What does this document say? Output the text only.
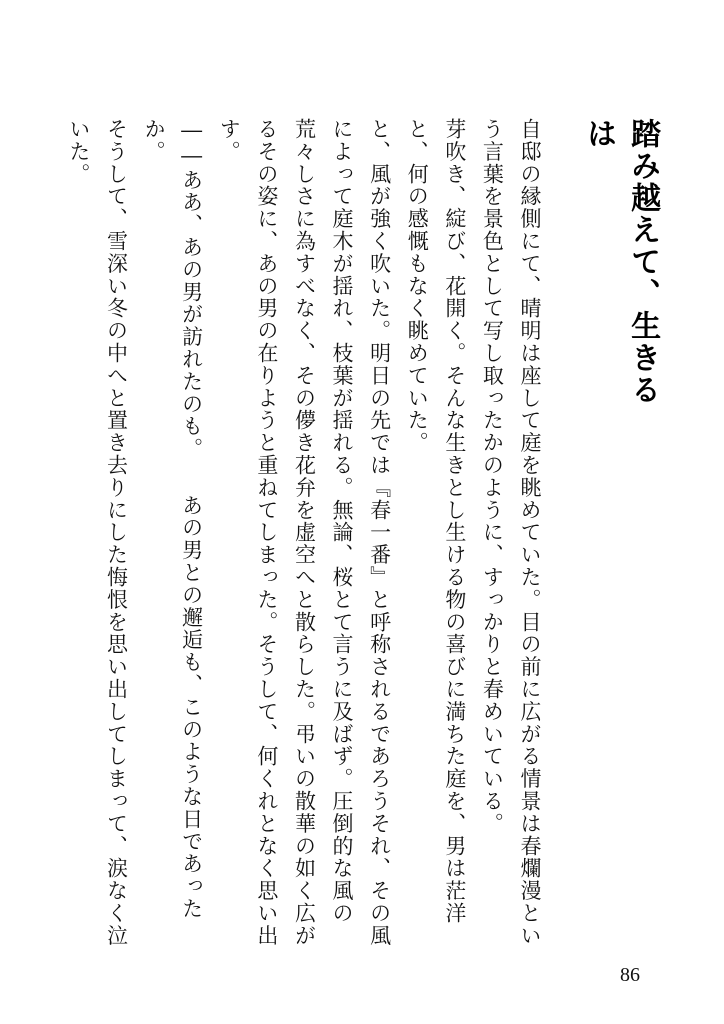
踏み越えて、生きるは

自邸の縁側にて、晴明は座して庭を眺めていた。目の前に広がる情景は春爛漫という言葉を景色として写し取ったかのように、すっかりと春めいている。

芽吹き、綻び、花開く。そんな生きとし生ける物の喜びに満ちた庭を、男は茫洋と、何の感慨もなく眺めていた。

と、風が強く吹いた。明日の先では『春一番』と呼称されるであろうそれ、その風によって庭木が揺れ、枝葉が揺れる。無論、桜とて言うに及ばず。圧倒的な風の荒々しさに為すべなく、その儚き花弁を虚空へと散らした。弔いの散華の如く広がるその姿に、あの男の在りようと重ねてしまった。そうして、何くれとなく思い出す。

――ああ、あの男が訪れたのも。　　あの男との邂逅も、このような日であったか。

そうして、雪深い冬の中へと置き去りにした悔恨を思い出してしまって、涙なく泣いた。

86
